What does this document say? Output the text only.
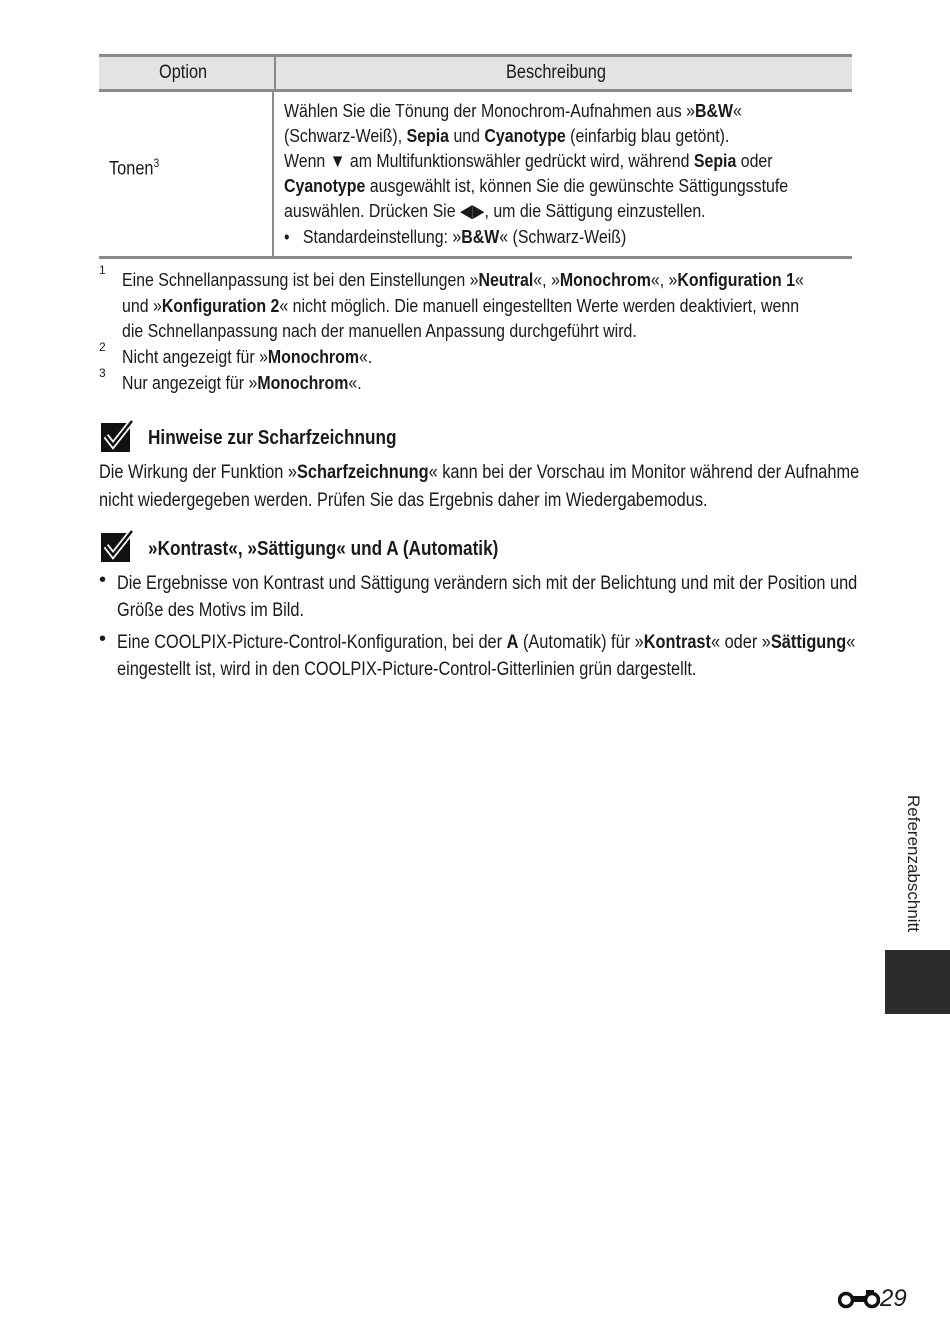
Option	Beschreibung
Tonen$^3$
Wählen Sie die Tönung der Monochrom-Aufnahmen aus »B&W«
(Schwarz-Weiß), Sepia und Cyanotype (einfarbig blau getönt).
Wenn ▼ am Multifunktionswähler gedrückt wird, während Sepia oder
Cyanotype ausgewählt ist, können Sie die gewünschte Sättigungsstufe
auswählen. Drücken Sie ◀▶, um die Sättigung einzustellen.
• Standardeinstellung: »B&W« (Schwarz-Weiß)
1 Eine Schnellanpassung ist bei den Einstellungen »Neutral«, »Monochrom«, »Konfiguration 1«
und »Konfiguration 2« nicht möglich. Die manuell eingestellten Werte werden deaktiviert, wenn
die Schnellanpassung nach der manuellen Anpassung durchgeführt wird.
2 Nicht angezeigt für »Monochrom«.
3 Nur angezeigt für »Monochrom«.
Hinweise zur Scharfzeichnung
Die Wirkung der Funktion »Scharfzeichnung« kann bei der Vorschau im Monitor während der Aufnahme
nicht wiedergegeben werden. Prüfen Sie das Ergebnis daher im Wiedergabemodus.
»Kontrast«, »Sättigung« und A (Automatik)
• Die Ergebnisse von Kontrast und Sättigung verändern sich mit der Belichtung und mit der Position und
Größe des Motivs im Bild.
• Eine COOLPIX-Picture-Control-Konfiguration, bei der A (Automatik) für »Kontrast« oder »Sättigung«
eingestellt ist, wird in den COOLPIX-Picture-Control-Gitterlinien grün dargestellt.
Referenzabschnitt
29
